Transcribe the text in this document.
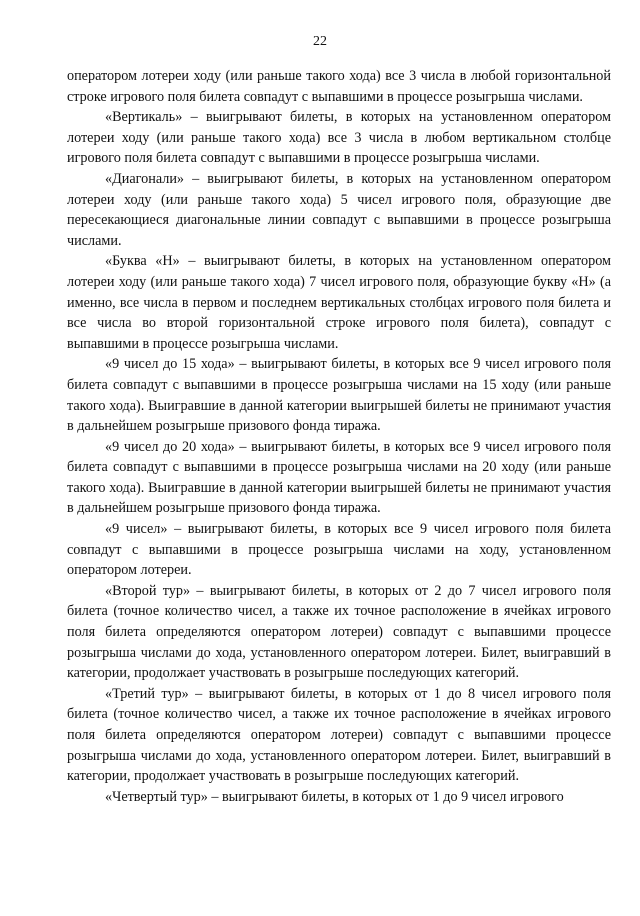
22

оператором лотереи ходу (или раньше такого хода) все 3 числа в любой горизонтальной строке игрового поля билета совпадут с выпавшими в процессе розыгрыша числами.

«Вертикаль» – выигрывают билеты, в которых на установленном оператором лотереи ходу (или раньше такого хода) все 3 числа в любом вертикальном столбце игрового поля билета совпадут с выпавшими в процессе розыгрыша числами.

«Диагонали» – выигрывают билеты, в которых на установленном оператором лотереи ходу (или раньше такого хода) 5 чисел игрового поля, образующие две пересекающиеся диагональные линии совпадут с выпавшими в процессе розыгрыша числами.

«Буква «Н» – выигрывают билеты, в которых на установленном оператором лотереи ходу (или раньше такого хода) 7 чисел игрового поля, образующие букву «Н» (а именно, все числа в первом и последнем вертикальных столбцах игрового поля билета и все числа во второй горизонтальной строке игрового поля билета), совпадут с выпавшими в процессе розыгрыша числами.

«9 чисел до 15 хода» – выигрывают билеты, в которых все 9 чисел игрового поля билета совпадут с выпавшими в процессе розыгрыша числами на 15 ходу (или раньше такого хода). Выигравшие в данной категории выигрышей билеты не принимают участия в дальнейшем розыгрыше призового фонда тиража.

«9 чисел до 20 хода» – выигрывают билеты, в которых все 9 чисел игрового поля билета совпадут с выпавшими в процессе розыгрыша числами на 20 ходу (или раньше такого хода). Выигравшие в данной категории выигрышей билеты не принимают участия в дальнейшем розыгрыше призового фонда тиража.

«9 чисел» – выигрывают билеты, в которых все 9 чисел игрового поля билета совпадут с выпавшими в процессе розыгрыша числами на ходу, установленном оператором лотереи.

«Второй тур» – выигрывают билеты, в которых от 2 до 7 чисел игрового поля билета (точное количество чисел, а также их точное расположение в ячейках игрового поля билета определяются оператором лотереи) совпадут с выпавшими процессе розыгрыша числами до хода, установленного оператором лотереи. Билет, выигравший в категории, продолжает участвовать в розыгрыше последующих категорий.

«Третий тур» – выигрывают билеты, в которых от 1 до 8 чисел игрового поля билета (точное количество чисел, а также их точное расположение в ячейках игрового поля билета определяются оператором лотереи) совпадут с выпавшими процессе розыгрыша числами до хода, установленного оператором лотереи. Билет, выигравший в категории, продолжает участвовать в розыгрыше последующих категорий.

«Четвертый тур» – выигрывают билеты, в которых от 1 до 9 чисел игрового
